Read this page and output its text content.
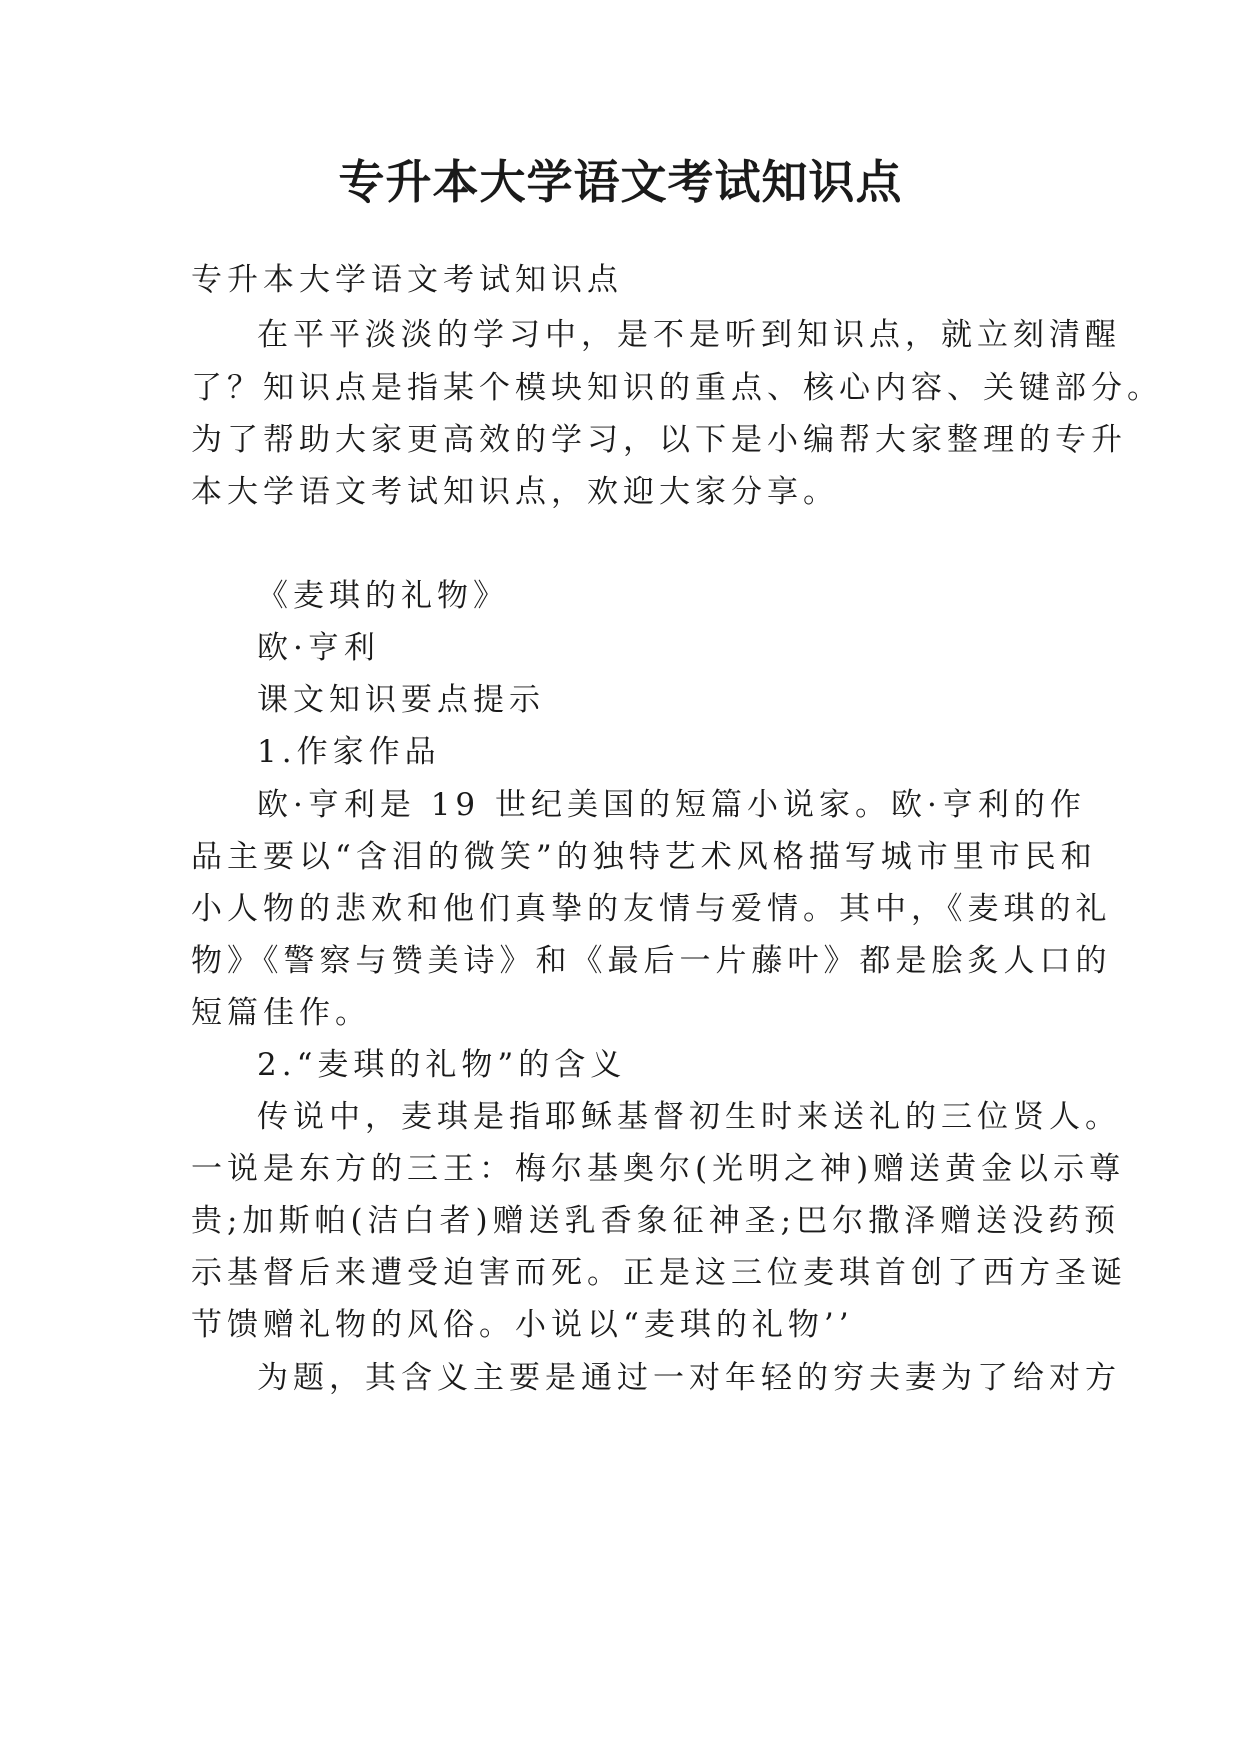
专升本大学语文考试知识点
专升本大学语文考试知识点
在平平淡淡的学习中，是不是听到知识点，就立刻清醒
了？知识点是指某个模块知识的重点、核心内容、关键部分。
为了帮助大家更高效的学习，以下是小编帮大家整理的专升
本大学语文考试知识点，欢迎大家分享。
《麦琪的礼物》
欧·亨利
课文知识要点提示
1.作家作品
欧·亨利是 19 世纪美国的短篇小说家。欧·亨利的作
品主要以“含泪的微笑”的独特艺术风格描写城市里市民和
小人物的悲欢和他们真挚的友情与爱情。其中，《麦琪的礼
物》《警察与赞美诗》和《最后一片藤叶》都是脍炙人口的
短篇佳作。
2.“麦琪的礼物”的含义
传说中，麦琪是指耶稣基督初生时来送礼的三位贤人。
一说是东方的三王：梅尔基奥尔(光明之神)赠送黄金以示尊
贵;加斯帕(洁白者)赠送乳香象征神圣;巴尔撒泽赠送没药预
示基督后来遭受迫害而死。正是这三位麦琪首创了西方圣诞
节馈赠礼物的风俗。小说以“麦琪的礼物’’
为题，其含义主要是通过一对年轻的穷夫妻为了给对方
